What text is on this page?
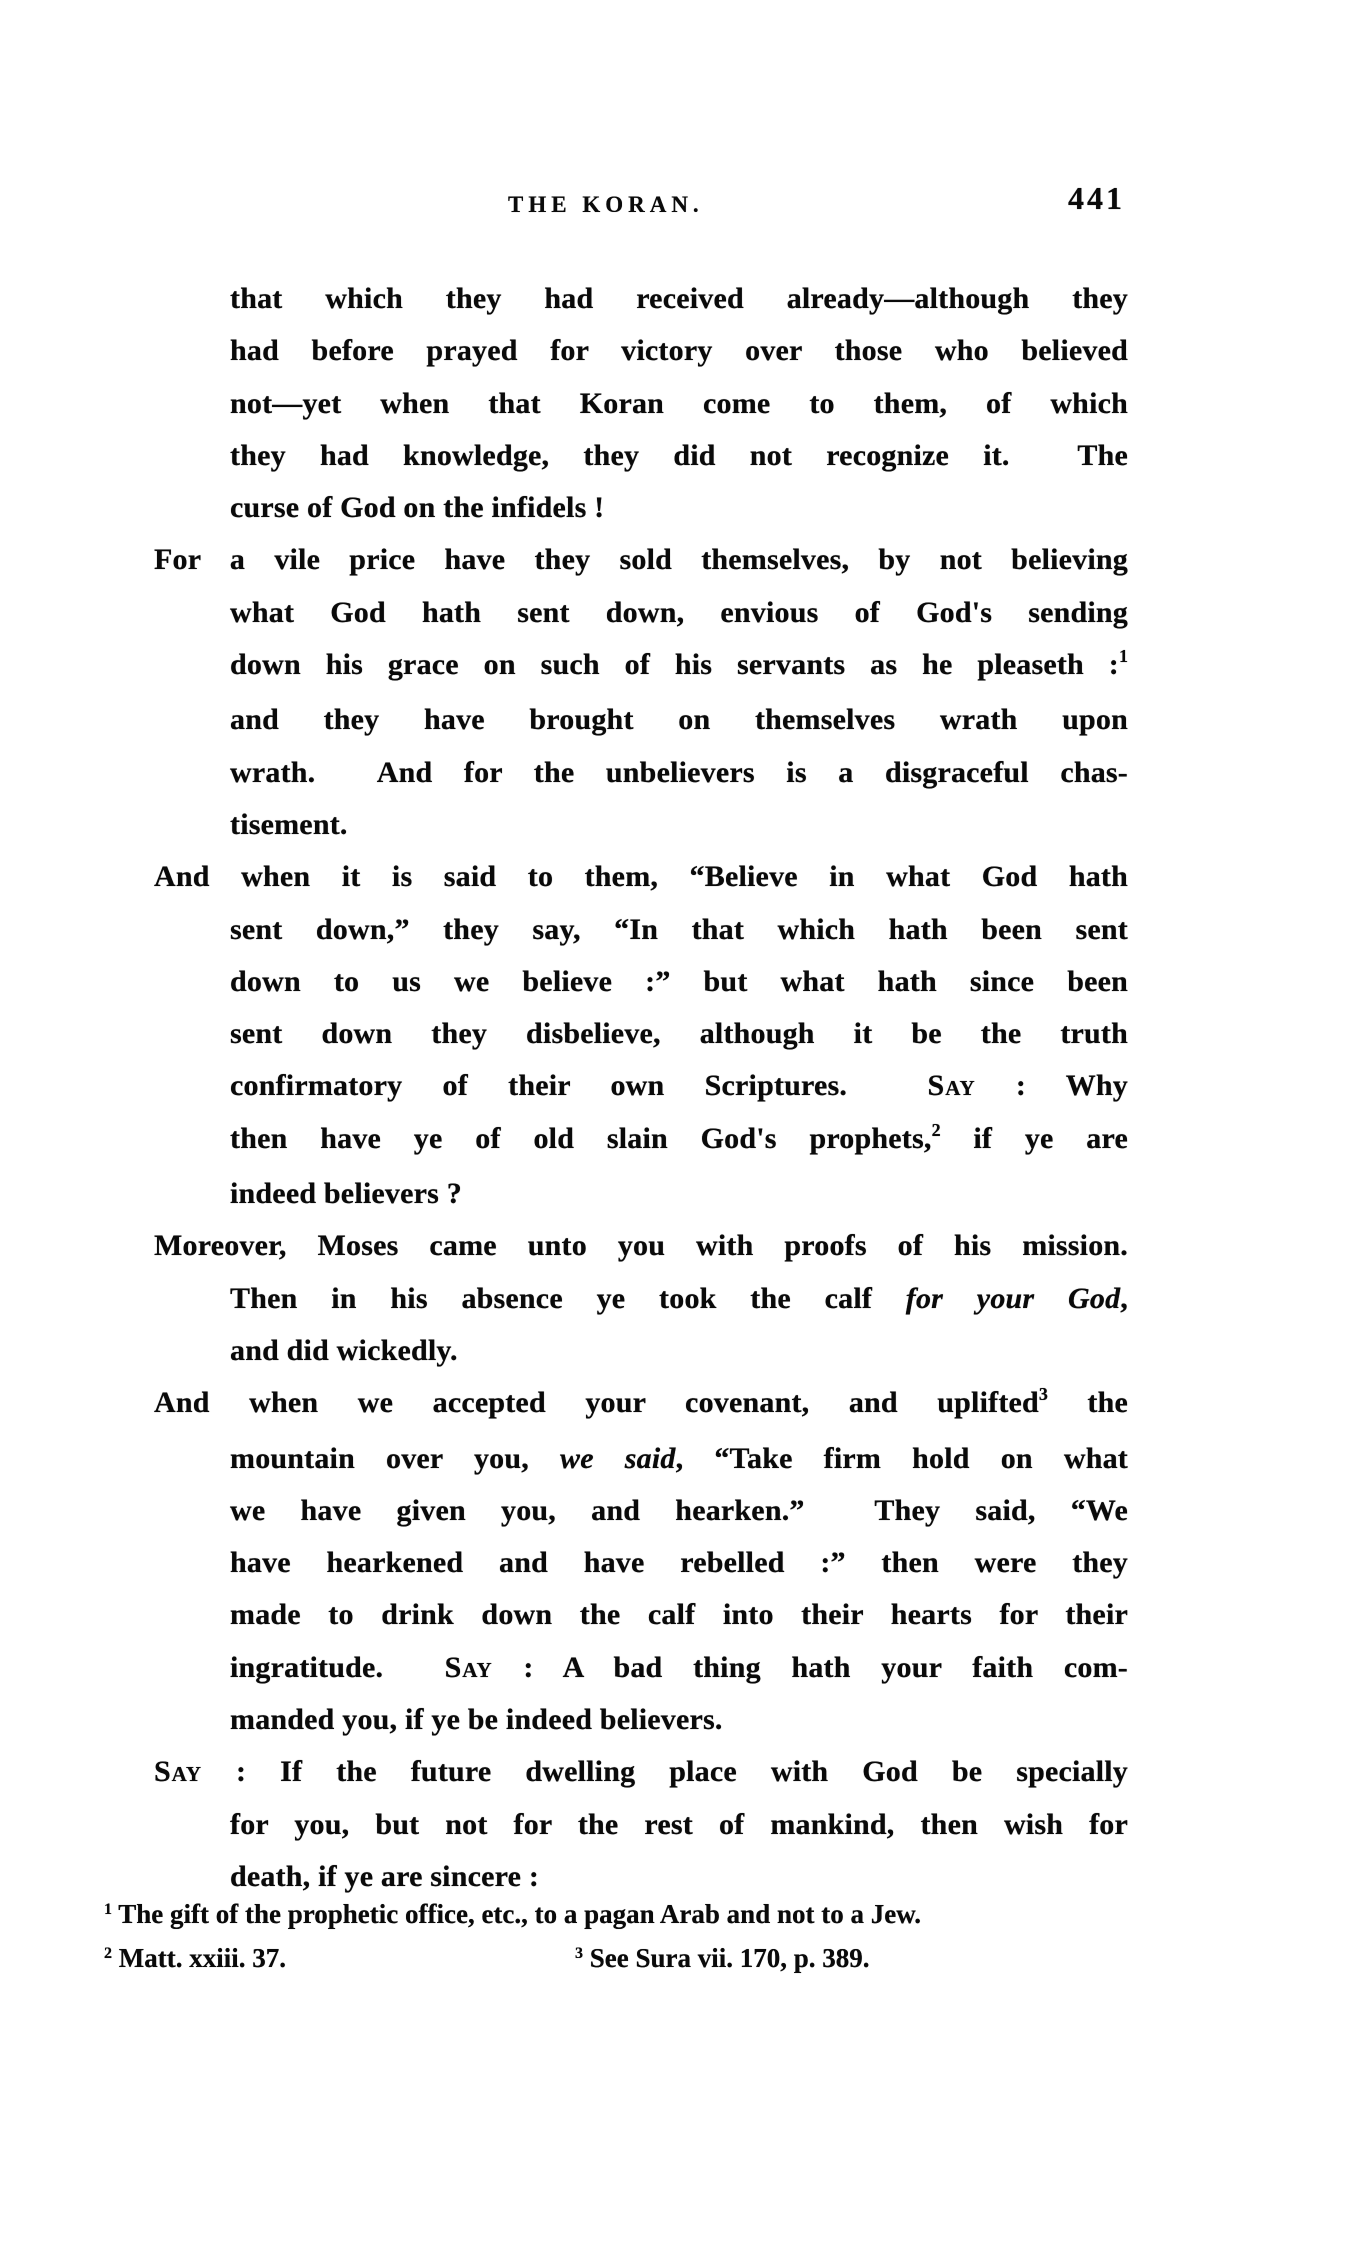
THE KORAN.	441
that which they had received already—although they
had before prayed for victory over those who believed
not—yet when that Koran come to them, of which
they had knowledge, they did not recognize it.  The
curse of God on the infidels !
For a vile price have they sold themselves, by not believing
what God hath sent down, envious of God's sending
down his grace on such of his servants as he pleaseth :$^1$
and they have brought on themselves wrath upon
wrath.  And for the unbelievers is a disgraceful chas-
tisement.
And when it is said to them, “Believe in what God hath
sent down,” they say, “In that which hath been sent
down to us we believe :” but what hath since been
sent down they disbelieve, although it be the truth
confirmatory of their own Scriptures.  Say : Why
then have ye of old slain God's prophets,$^2$ if ye are
indeed believers ?
Moreover, Moses came unto you with proofs of his mission.
Then in his absence ye took the calf for your God,
and did wickedly.
And when we accepted your covenant, and uplifted$^3$ the
mountain over you, we said, “Take firm hold on what
we have given you, and hearken.”  They said, “We
have hearkened and have rebelled :” then were they
made to drink down the calf into their hearts for their
ingratitude.  Say : A bad thing hath your faith com-
manded you, if ye be indeed believers.
Say : If the future dwelling place with God be specially
for you, but not for the rest of mankind, then wish for
death, if ye are sincere :
$^1$ The gift of the prophetic office, etc., to a pagan Arab and not to a Jew.
$^2$ Matt. xxiii. 37.	$^3$ See Sura vii. 170, p. 389.
